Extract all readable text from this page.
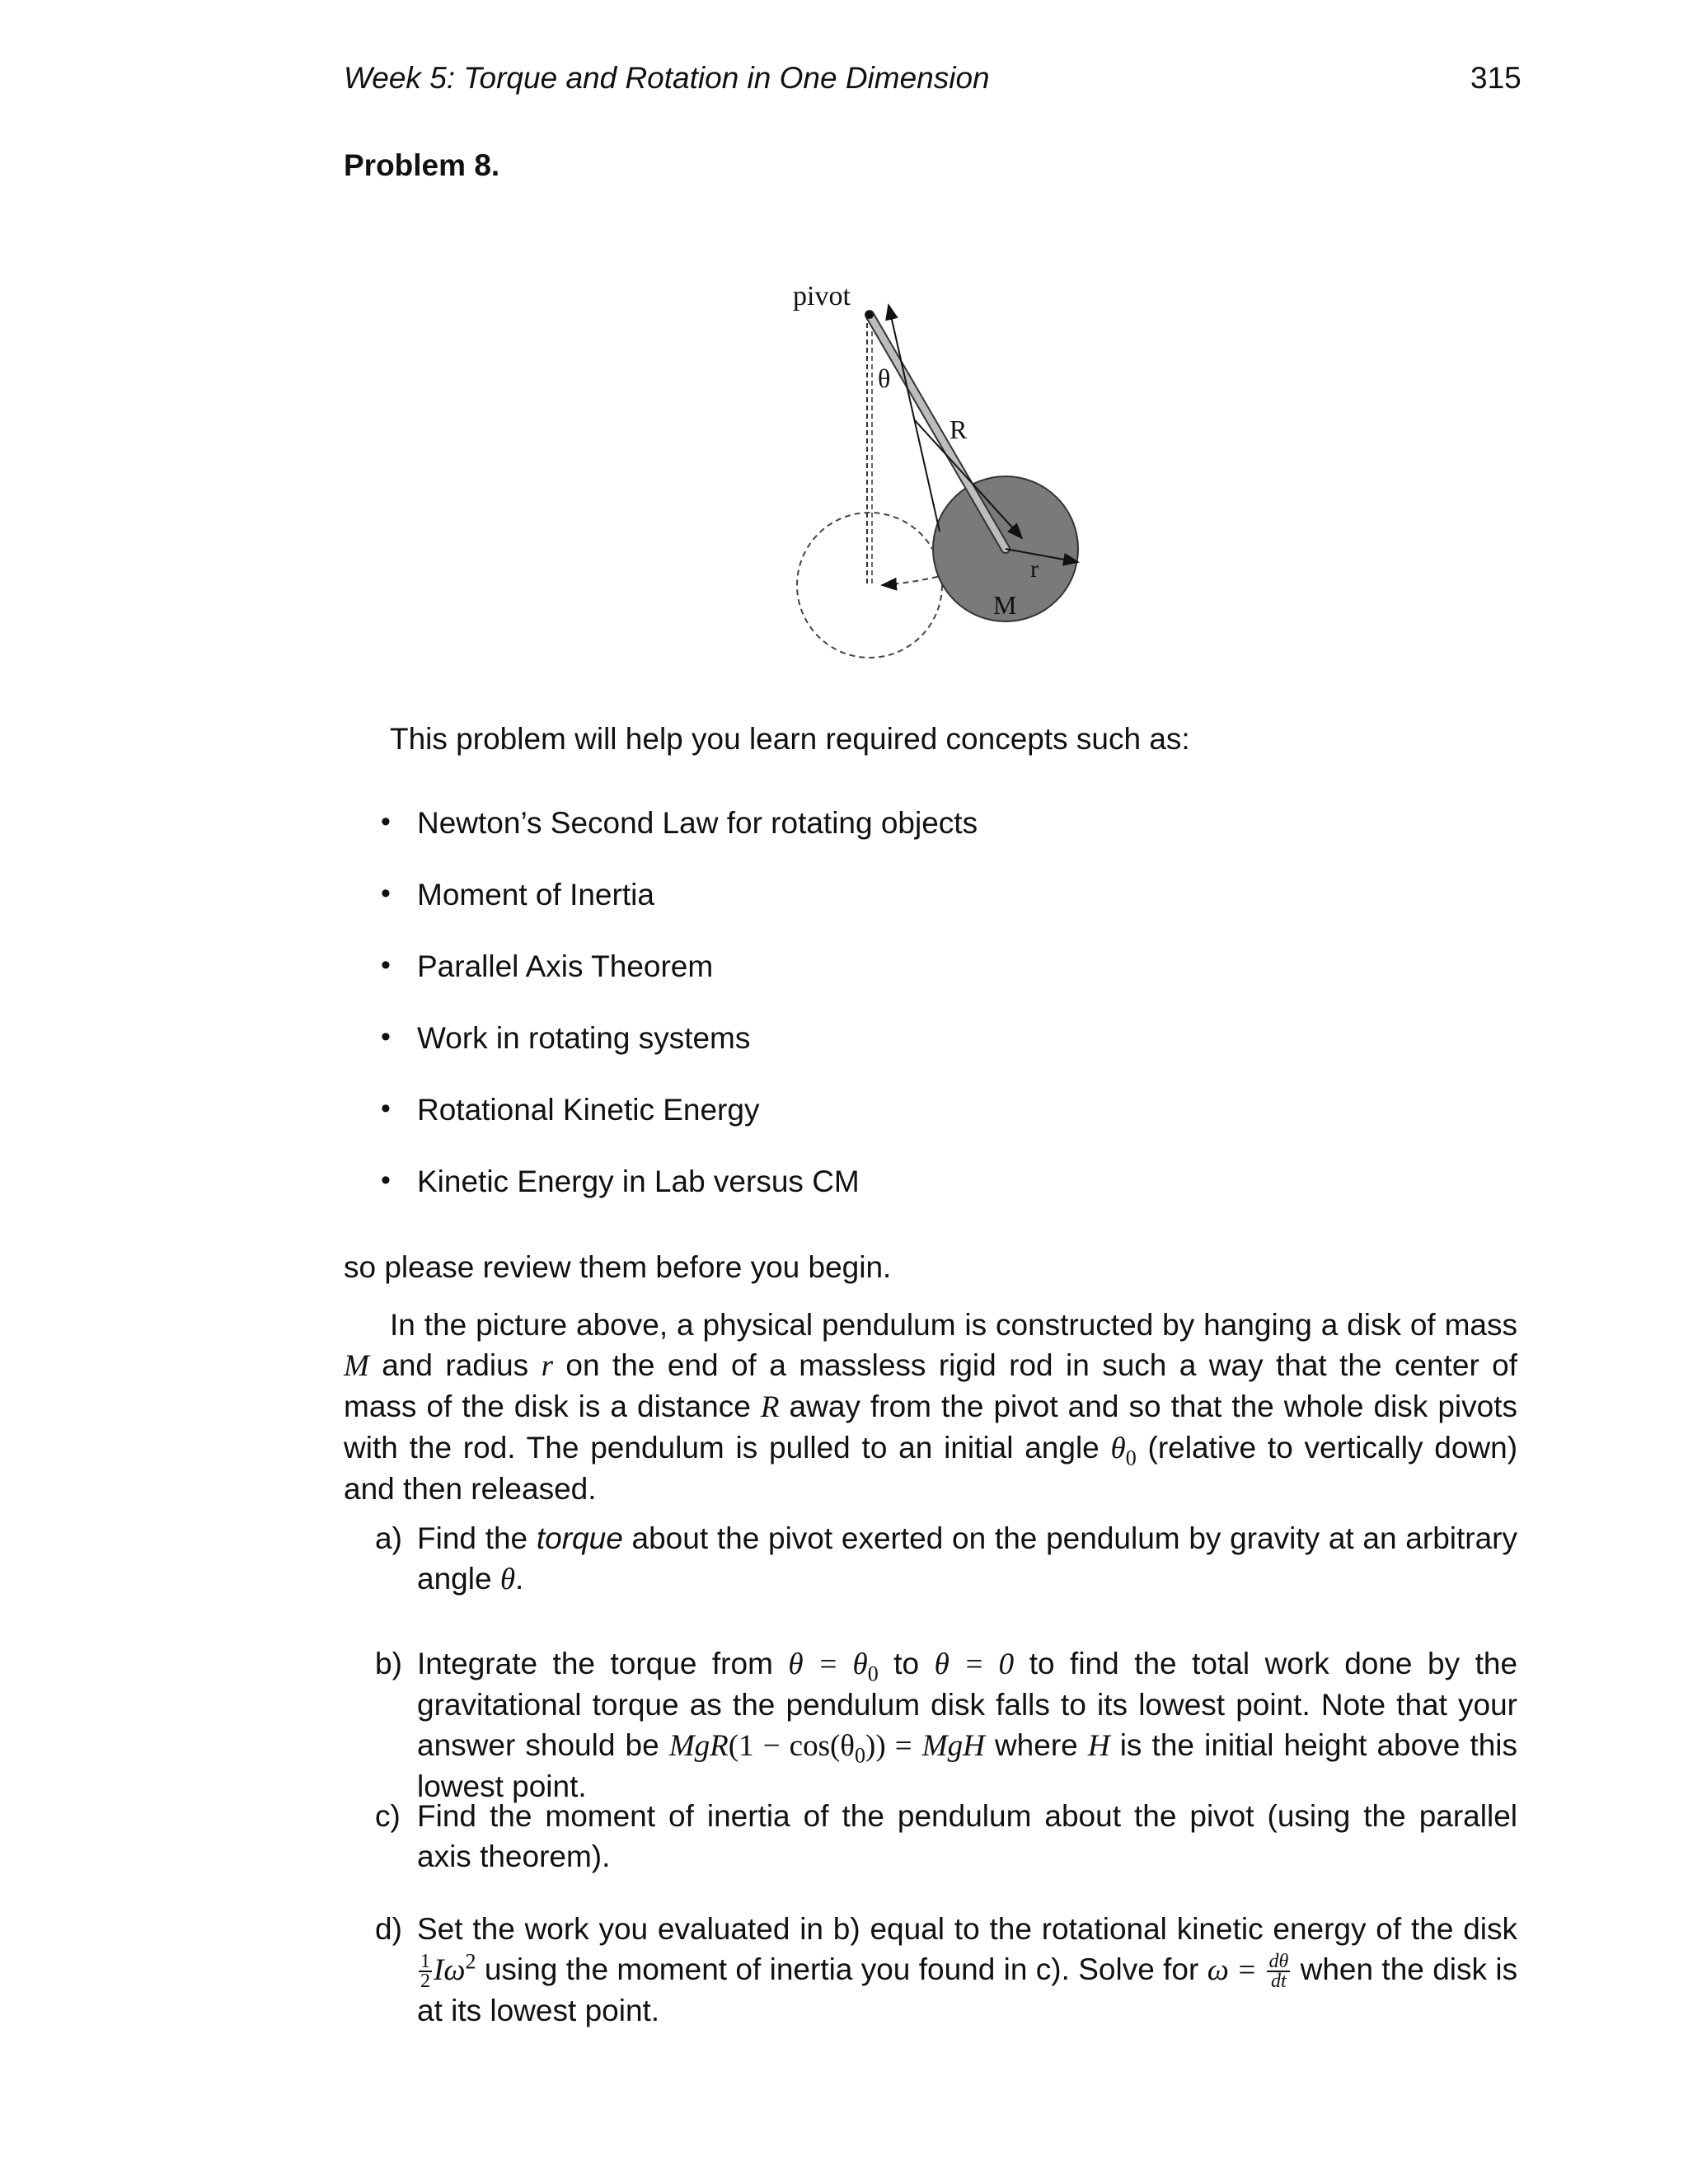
Week 5: Torque and Rotation in One Dimension	315
Problem 8.
pivot
θ
R
r
M
This problem will help you learn required concepts such as:
• Newton’s Second Law for rotating objects
• Moment of Inertia
• Parallel Axis Theorem
• Work in rotating systems
• Rotational Kinetic Energy
• Kinetic Energy in Lab versus CM
so please review them before you begin.
In the picture above, a physical pendulum is constructed by hanging a disk of mass M and radius r on the end of a massless rigid rod in such a way that the center of mass of the disk is a distance R away from the pivot and so that the whole disk pivots with the rod. The pendulum is pulled to an initial angle $\theta_0$ (relative to vertically down) and then released.
a) Find the torque about the pivot exerted on the pendulum by gravity at an arbitrary angle θ.
b) Integrate the torque from $\theta = \theta_0$ to θ = 0 to find the total work done by the gravitational torque as the pendulum disk falls to its lowest point. Note that your answer should be $MgR(1 - \cos(\theta_0))$ = MgH where H is the initial height above this lowest point.
c) Find the moment of inertia of the pendulum about the pivot (using the parallel axis theorem).
d) Set the work you evaluated in b) equal to the rotational kinetic energy of the disk
$\frac{1}{2} I\omega^2$ using the moment of inertia you found in c). Solve for $\omega = \frac{d\theta}{dt}$ when the disk is at its lowest point.
